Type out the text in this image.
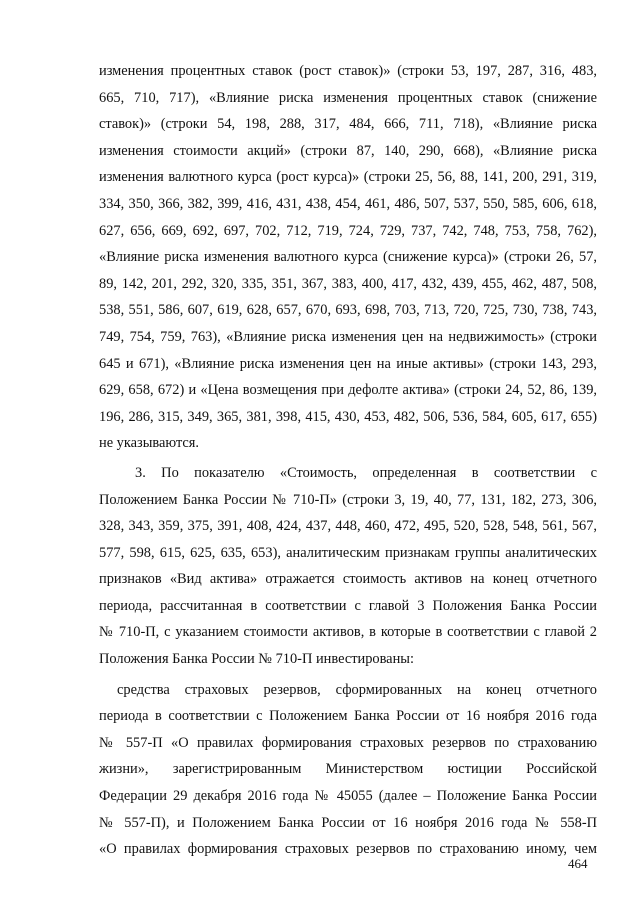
изменения процентных ставок (рост ставок)» (строки 53, 197, 287, 316, 483,
665, 710, 717), «Влияние риска изменения процентных ставок (снижение
ставок)» (строки 54, 198, 288, 317, 484, 666, 711, 718), «Влияние риска
изменения стоимости акций» (строки 87, 140, 290, 668), «Влияние риска
изменения валютного курса (рост курса)» (строки 25, 56, 88, 141, 200, 291, 319,
334, 350, 366, 382, 399, 416, 431, 438, 454, 461, 486, 507, 537, 550, 585, 606, 618,
627, 656, 669, 692, 697, 702, 712, 719, 724, 729, 737, 742, 748, 753, 758, 762),
«Влияние риска изменения валютного курса (снижение курса)» (строки 26, 57,
89, 142, 201, 292, 320, 335, 351, 367, 383, 400, 417, 432, 439, 455, 462, 487, 508,
538, 551, 586, 607, 619, 628, 657, 670, 693, 698, 703, 713, 720, 725, 730, 738, 743,
749, 754, 759, 763), «Влияние риска изменения цен на недвижимость» (строки
645 и 671), «Влияние риска изменения цен на иные активы» (строки 143, 293,
629, 658, 672) и «Цена возмещения при дефолте актива» (строки 24, 52, 86, 139,
196, 286, 315, 349, 365, 381, 398, 415, 430, 453, 482, 506, 536, 584, 605, 617, 655)
не указываются.
3. По показателю «Стоимость, определенная в соответствии с
Положением Банка России № 710-П» (строки 3, 19, 40, 77, 131, 182, 273, 306,
328, 343, 359, 375, 391, 408, 424, 437, 448, 460, 472, 495, 520, 528, 548, 561, 567,
577, 598, 615, 625, 635, 653), аналитическим признакам группы аналитических
признаков «Вид актива» отражается стоимость активов на конец отчетного
периода, рассчитанная в соответствии с главой 3 Положения Банка России
№ 710-П, с указанием стоимости активов, в которые в соответствии с главой 2
Положения Банка России № 710-П инвестированы:
средства страховых резервов, сформированных на конец отчетного
периода в соответствии с Положением Банка России от 16 ноября 2016 года
№ 557-П «О правилах формирования страховых резервов по страхованию
жизни», зарегистрированным Министерством юстиции Российской
Федерации 29 декабря 2016 года № 45055 (далее – Положение Банка России
№ 557-П), и Положением Банка России от 16 ноября 2016 года № 558-П
«О правилах формирования страховых резервов по страхованию иному, чем
464
